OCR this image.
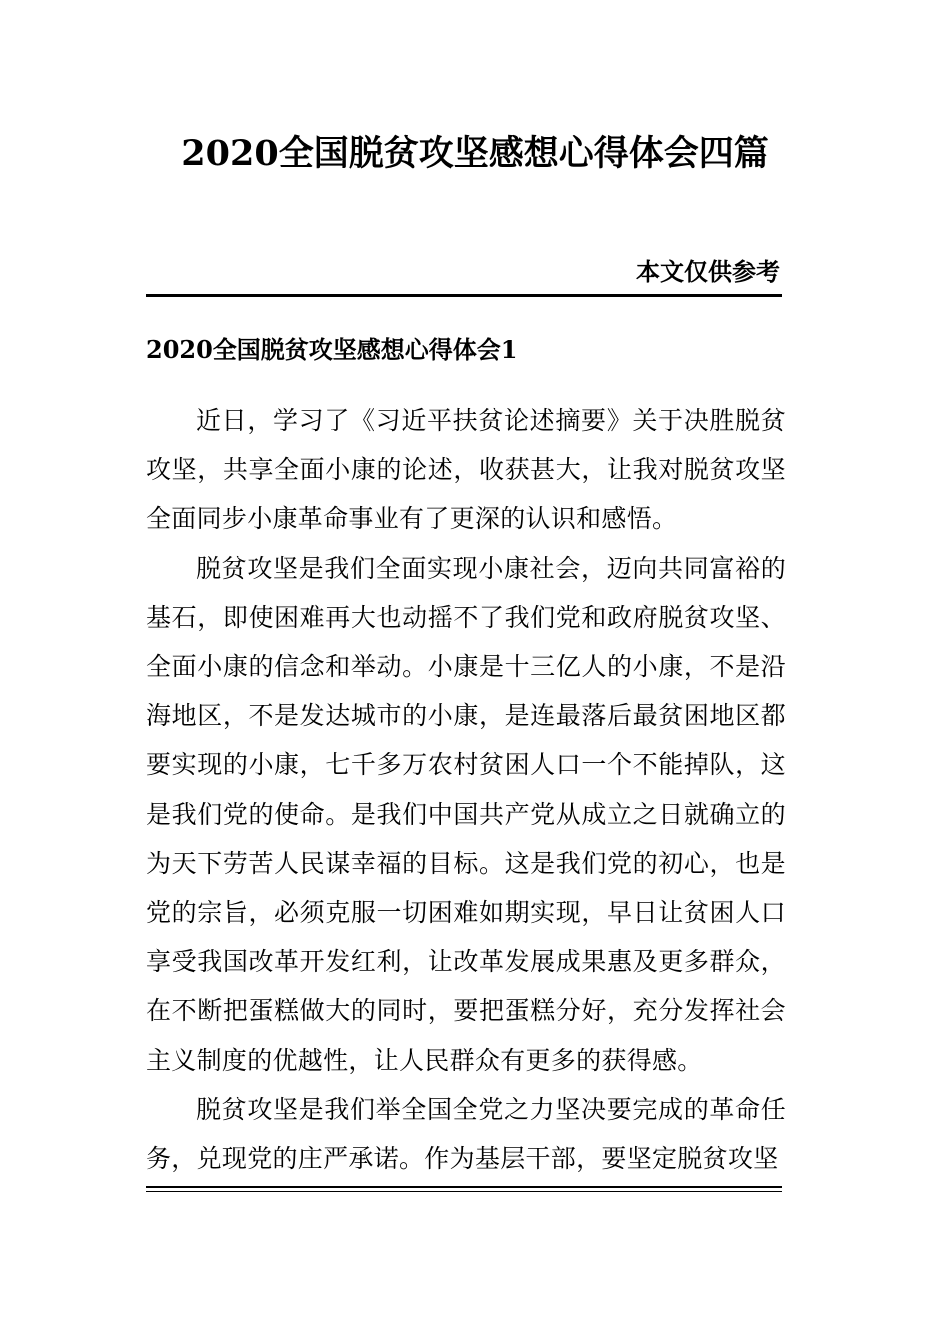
2020全国脱贫攻坚感想心得体会四篇
本文仅供参考
2020全国脱贫攻坚感想心得体会1

近日，学习了《习近平扶贫论述摘要》关于决胜脱贫攻坚，共享全面小康的论述，收获甚大，让我对脱贫攻坚全面同步小康革命事业有了更深的认识和感悟。

脱贫攻坚是我们全面实现小康社会，迈向共同富裕的基石，即使困难再大也动摇不了我们党和政府脱贫攻坚、全面小康的信念和举动。小康是十三亿人的小康，不是沿海地区，不是发达城市的小康，是连最落后最贫困地区都要实现的小康，七千多万农村贫困人口一个不能掉队，这是我们党的使命。是我们中国共产党从成立之日就确立的为天下劳苦人民谋幸福的目标。这是我们党的初心，也是党的宗旨，必须克服一切困难如期实现，早日让贫困人口享受我国改革开发红利，让改革发展成果惠及更多群众，在不断把蛋糕做大的同时，要把蛋糕分好，充分发挥社会主义制度的优越性，让人民群众有更多的获得感。

脱贫攻坚是我们举全国全党之力坚决要完成的革命任务，兑现党的庄严承诺。作为基层干部，要坚定脱贫攻坚
